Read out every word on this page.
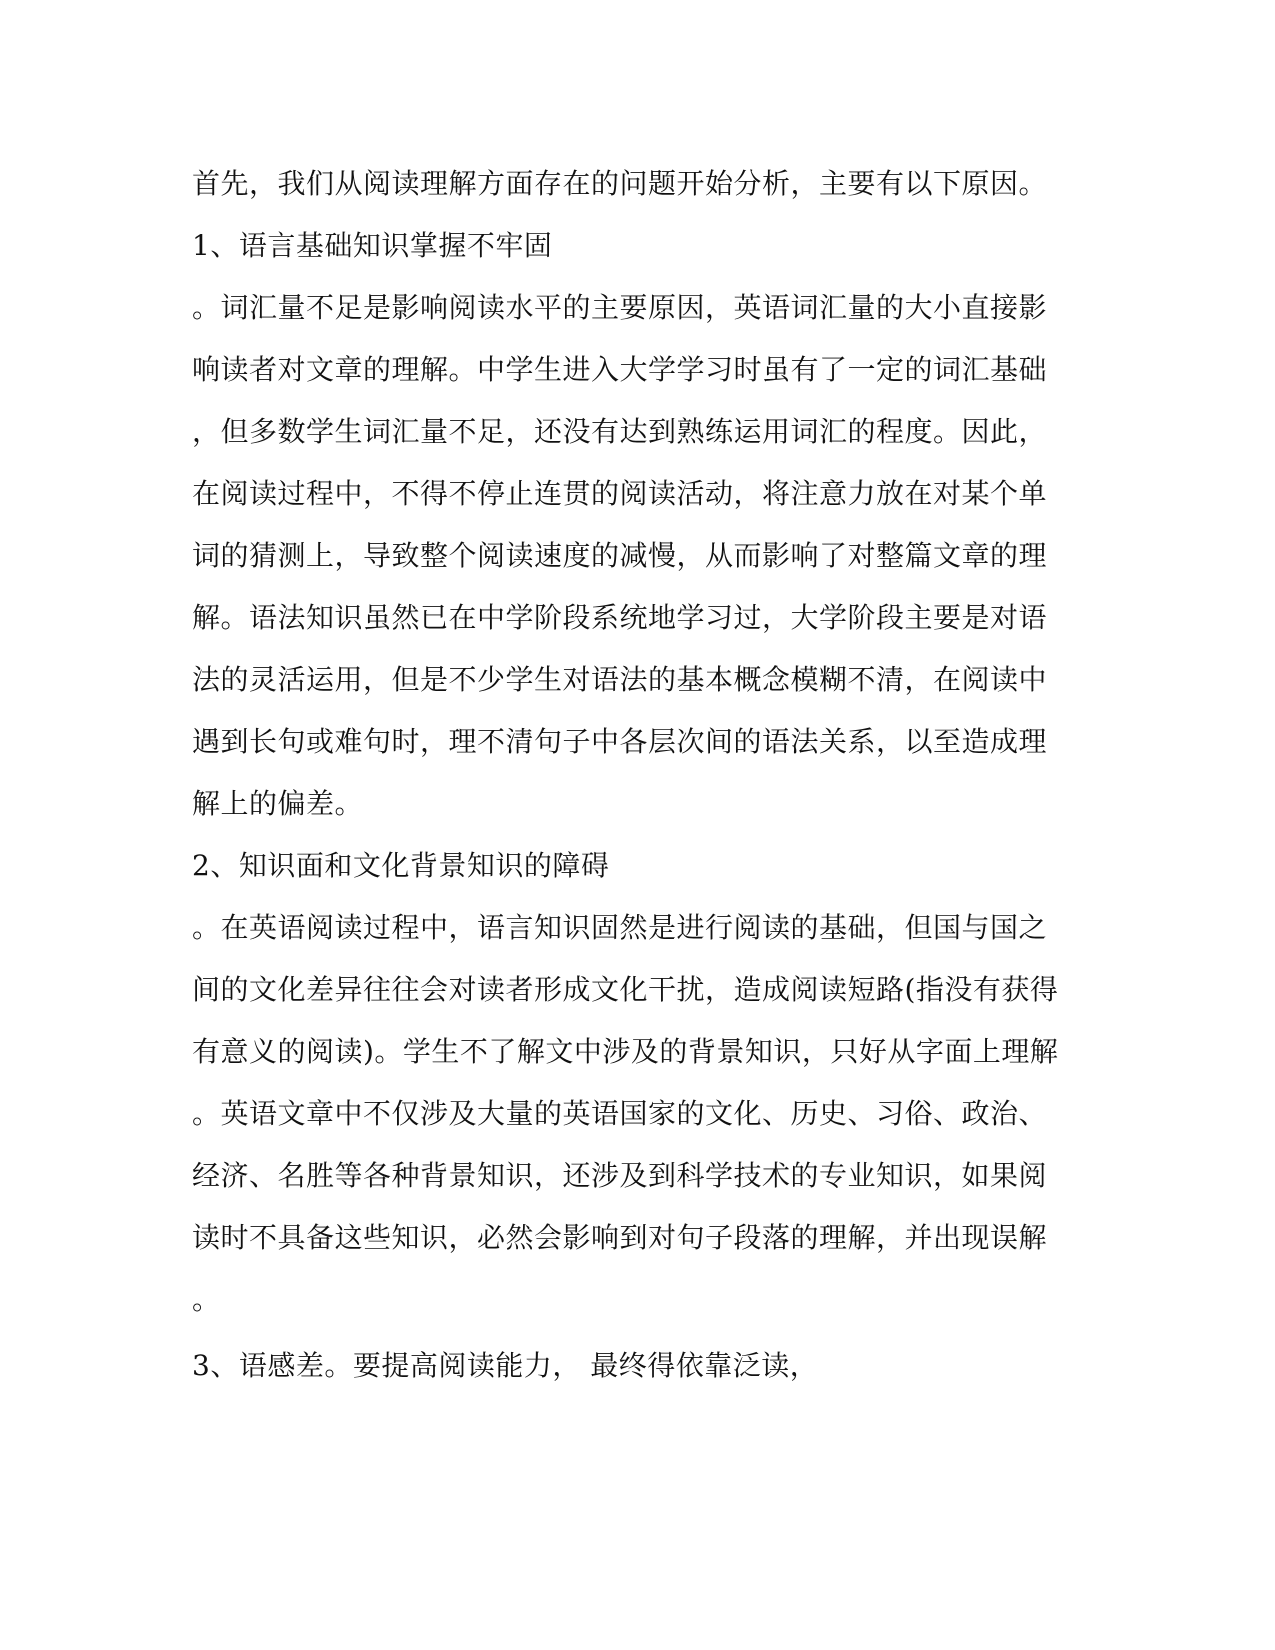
首先，我们从阅读理解方面存在的问题开始分析，主要有以下原因。
1、语言基础知识掌握不牢固
。词汇量不足是影响阅读水平的主要原因，英语词汇量的大小直接影
响读者对文章的理解。中学生进入大学学习时虽有了一定的词汇基础
，但多数学生词汇量不足，还没有达到熟练运用词汇的程度。因此，
在阅读过程中，不得不停止连贯的阅读活动，将注意力放在对某个单
词的猜测上，导致整个阅读速度的减慢，从而影响了对整篇文章的理
解。语法知识虽然已在中学阶段系统地学习过，大学阶段主要是对语
法的灵活运用，但是不少学生对语法的基本概念模糊不清，在阅读中
遇到长句或难句时，理不清句子中各层次间的语法关系，以至造成理
解上的偏差。
2、知识面和文化背景知识的障碍
。在英语阅读过程中，语言知识固然是进行阅读的基础，但国与国之
间的文化差异往往会对读者形成文化干扰，造成阅读短路(指没有获得
有意义的阅读)。学生不了解文中涉及的背景知识，只好从字面上理解
。英语文章中不仅涉及大量的英语国家的文化、历史、习俗、政治、
经济、名胜等各种背景知识，还涉及到科学技术的专业知识，如果阅
读时不具备这些知识，必然会影响到对句子段落的理解，并出现误解
。
3、语感差。要提高阅读能力， 最终得依靠泛读，
